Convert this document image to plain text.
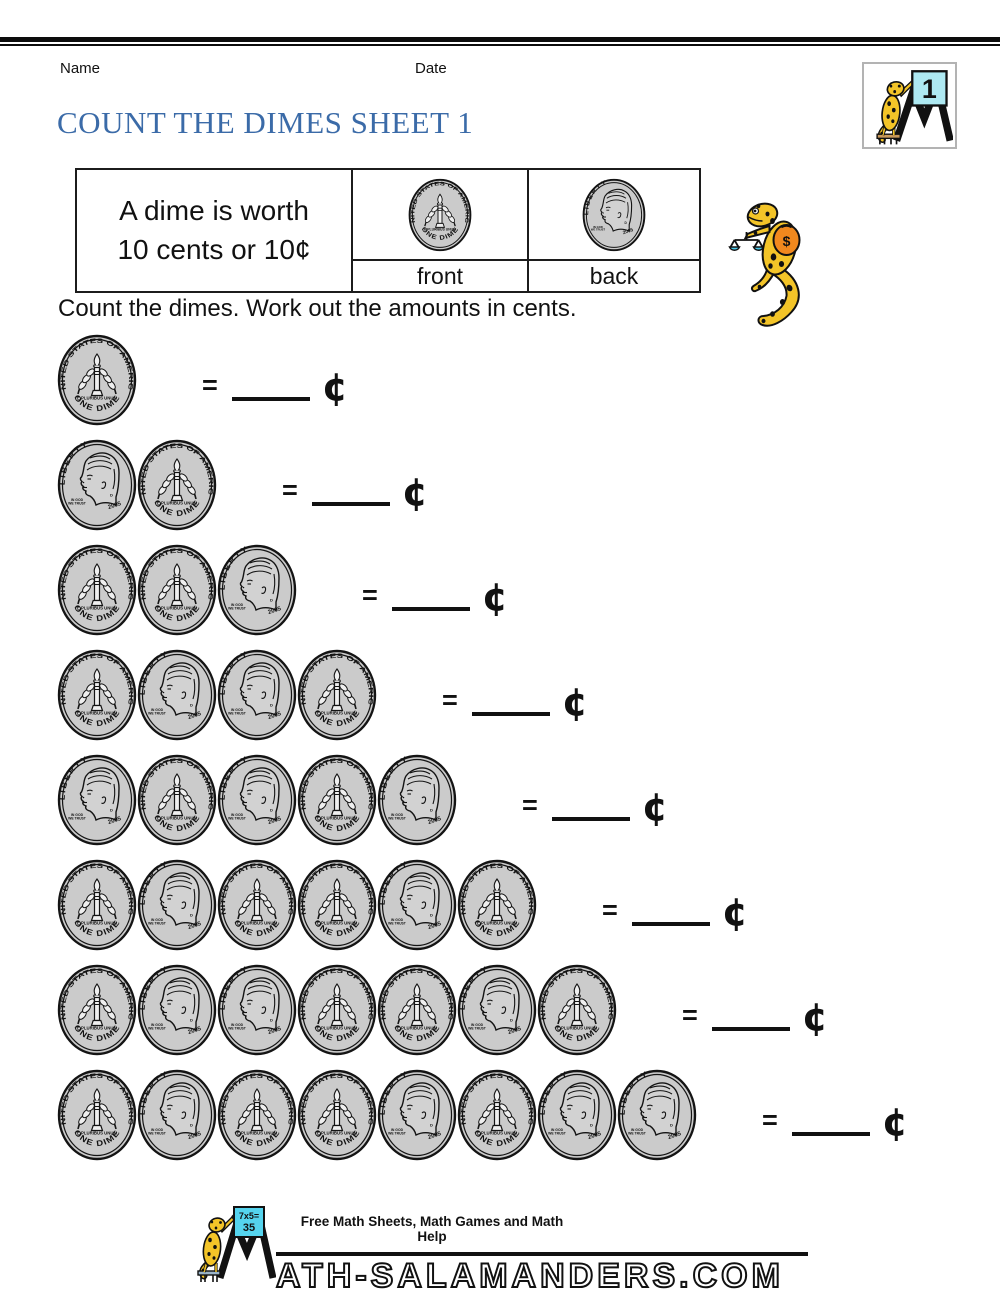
Name	Date
1
COUNT THE DIMES SHEET 1
A dime is worth
10 cents or 10¢
front	back
$
Count the dimes. Work out the amounts in cents.
=	¢
=	¢
=	¢
=	¢
=	¢
=	¢
=	¢
=	¢
7x5=
35	Free Math Sheets, Math Games and Math Help
ATH-SALAMANDERS.COM
